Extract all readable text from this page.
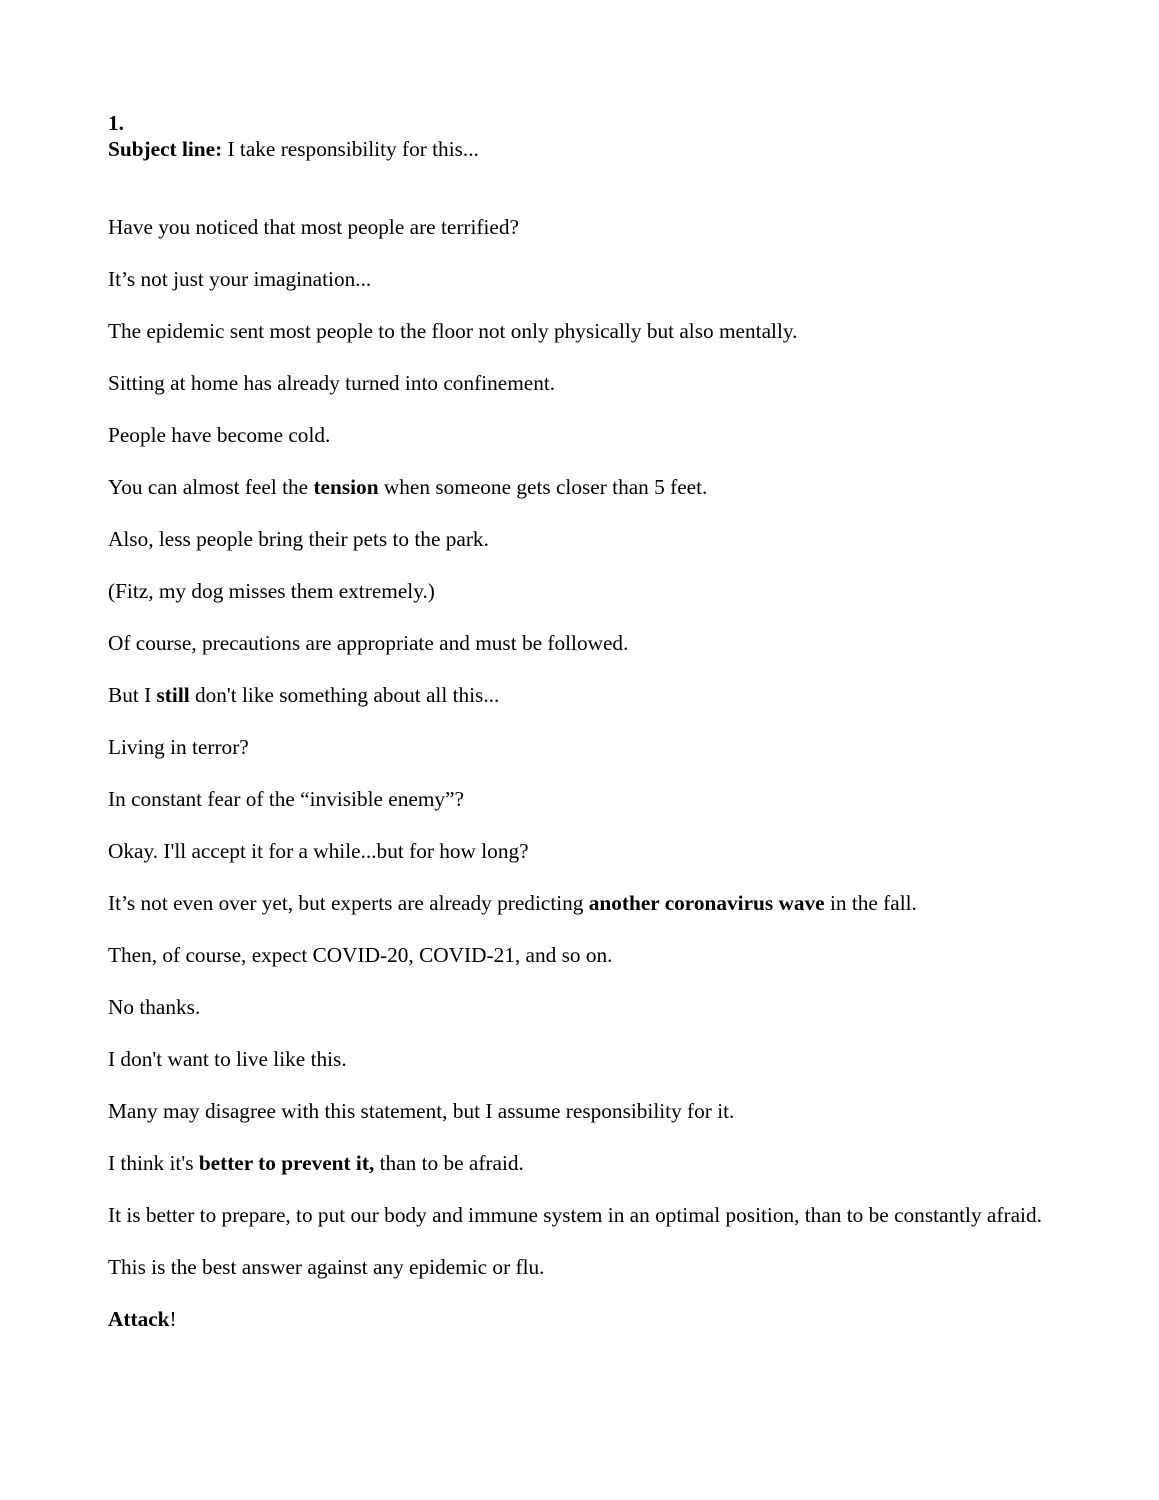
1.

Subject line: I take responsibility for this...

Have you noticed that most people are terrified?

It’s not just your imagination...

The epidemic sent most people to the floor not only physically but also mentally.

Sitting at home has already turned into confinement.

People have become cold.

You can almost feel the tension when someone gets closer than 5 feet.

Also, less people bring their pets to the park.

(Fitz, my dog misses them extremely.)

Of course, precautions are appropriate and must be followed.

But I still don't like something about all this...

Living in terror?

In constant fear of the “invisible enemy”?

Okay. I'll accept it for a while...but for how long?

It’s not even over yet, but experts are already predicting another coronavirus wave in the fall.

Then, of course, expect COVID-20, COVID-21, and so on.

No thanks.

I don't want to live like this.

Many may disagree with this statement, but I assume responsibility for it.

I think it's better to prevent it, than to be afraid.

It is better to prepare, to put our body and immune system in an optimal position, than to be constantly afraid.

This is the best answer against any epidemic or flu.

Attack!
